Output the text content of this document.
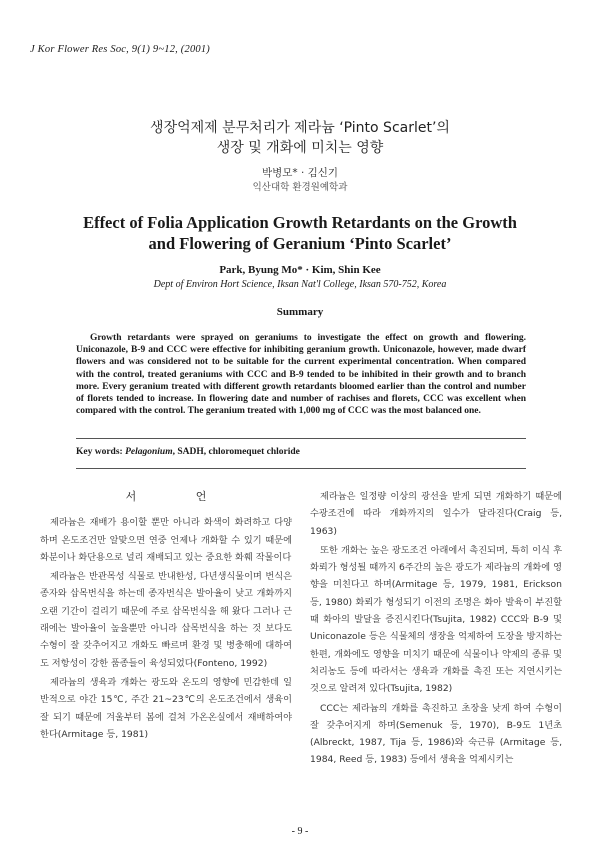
J Kor Flower Res Soc, 9(1) 9~12, (2001)
생장억제제 분무처리가 제라늄 ‘Pinto Scarlet’의
생장 및 개화에 미치는 영향
박병모* · 김신기
익산대학 환경원예학과
Effect of Folia Application Growth Retardants on the Growth
and Flowering of Geranium ‘Pinto Scarlet’
Park, Byung Mo* · Kim, Shin Kee
Dept of Environ Hort Science, Iksan Nat'l College, Iksan 570-752, Korea
Summary
Growth retardants were sprayed on geraniums to investigate the effect on growth and flowering. Uniconazole, B-9 and CCC were effective for inhibiting geranium growth. Uniconazole, however, made dwarf flowers and was considered not to be suitable for the current experimental concentration. When compared with the control, treated geraniums with CCC and B-9 tended to be inhibited in their growth and to branch more. Every geranium treated with different growth retardants bloomed earlier than the control and number of florets tended to increase. In flowering date and number of rachises and florets, CCC was excellent when compared with the control. The geranium treated with 1,000 mg of CCC was the most balanced one.
Key words: Pelagonium, SADH, chloromequet chloride
서 언

제라늄은 재배가 용이할 뿐만 아니라 화색이 화려하고 다양하며 온도조건만 알맞으면 연중 언제나 개화할 수 있기 때문에 화분이나 화단용으로 널리 재배되고 있는 중요한 화훼 작물이다

제라늄은 반관목성 식물로 반내한성, 다년생식물이며 번식은 종자와 삽목번식을 하는데 종자번식은 발아율이 낮고 개화까지 오랜 기간이 걸리기 때문에 주로 삽목번식을 해 왔다 그러나 근래에는 발아율이 높을뿐만 아니라 삽목번식을 하는 것 보다도 수형이 잘 갖추어지고 개화도 빠르며 환경 및 병충해에 대하여도 저항성이 강한 품종들이 육성되었다(Fonteno, 1992)

제라늄의 생육과 개화는 광도와 온도의 영향에 민감한데 일반적으로 야간 15℃, 주간 21~23℃의 온도조건에서 생육이 잘 되기 때문에 겨울부터 봄에 걸쳐 가온온실에서 재배하여야 한다(Armitage 등, 1981)

제라늄은 일정량 이상의 광선을 받게 되면 개화하기 때문에 수광조건에 따라 개화까지의 일수가 달라진다(Craig 등, 1963)

또한 개화는 높은 광도조건 아래에서 촉진되며, 특히 이식 후 화뢰가 형성될 때까지 6주간의 높은 광도가 제라늄의 개화에 영향을 미친다고 하며(Armitage 등, 1979, 1981, Erickson 등, 1980) 화뢰가 형성되기 이전의 조명은 화아 발육이 부진할 때 화아의 발달을 증진시킨다(Tsujita, 1982) CCC와 B-9 및 Uniconazole 등은 식물체의 생장을 억제하여 도장을 방지하는 한편, 개화에도 영향을 미치기 때문에 식물이나 약제의 종류 및 처리농도 등에 따라서는 생육과 개화를 촉진 또는 지연시키는 것으로 알려져 있다(Tsujita, 1982)

CCC는 제라늄의 개화를 촉진하고 초장을 낮게 하여 수형이 잘 갖추어지게 하며(Semenuk 등, 1970), B-9도 1년초(Albreckt, 1987, Tija 등, 1986)와 숙근류 (Armitage 등, 1984, Reed 등, 1983) 등에서 생육을 억제시키는

- 9 -
